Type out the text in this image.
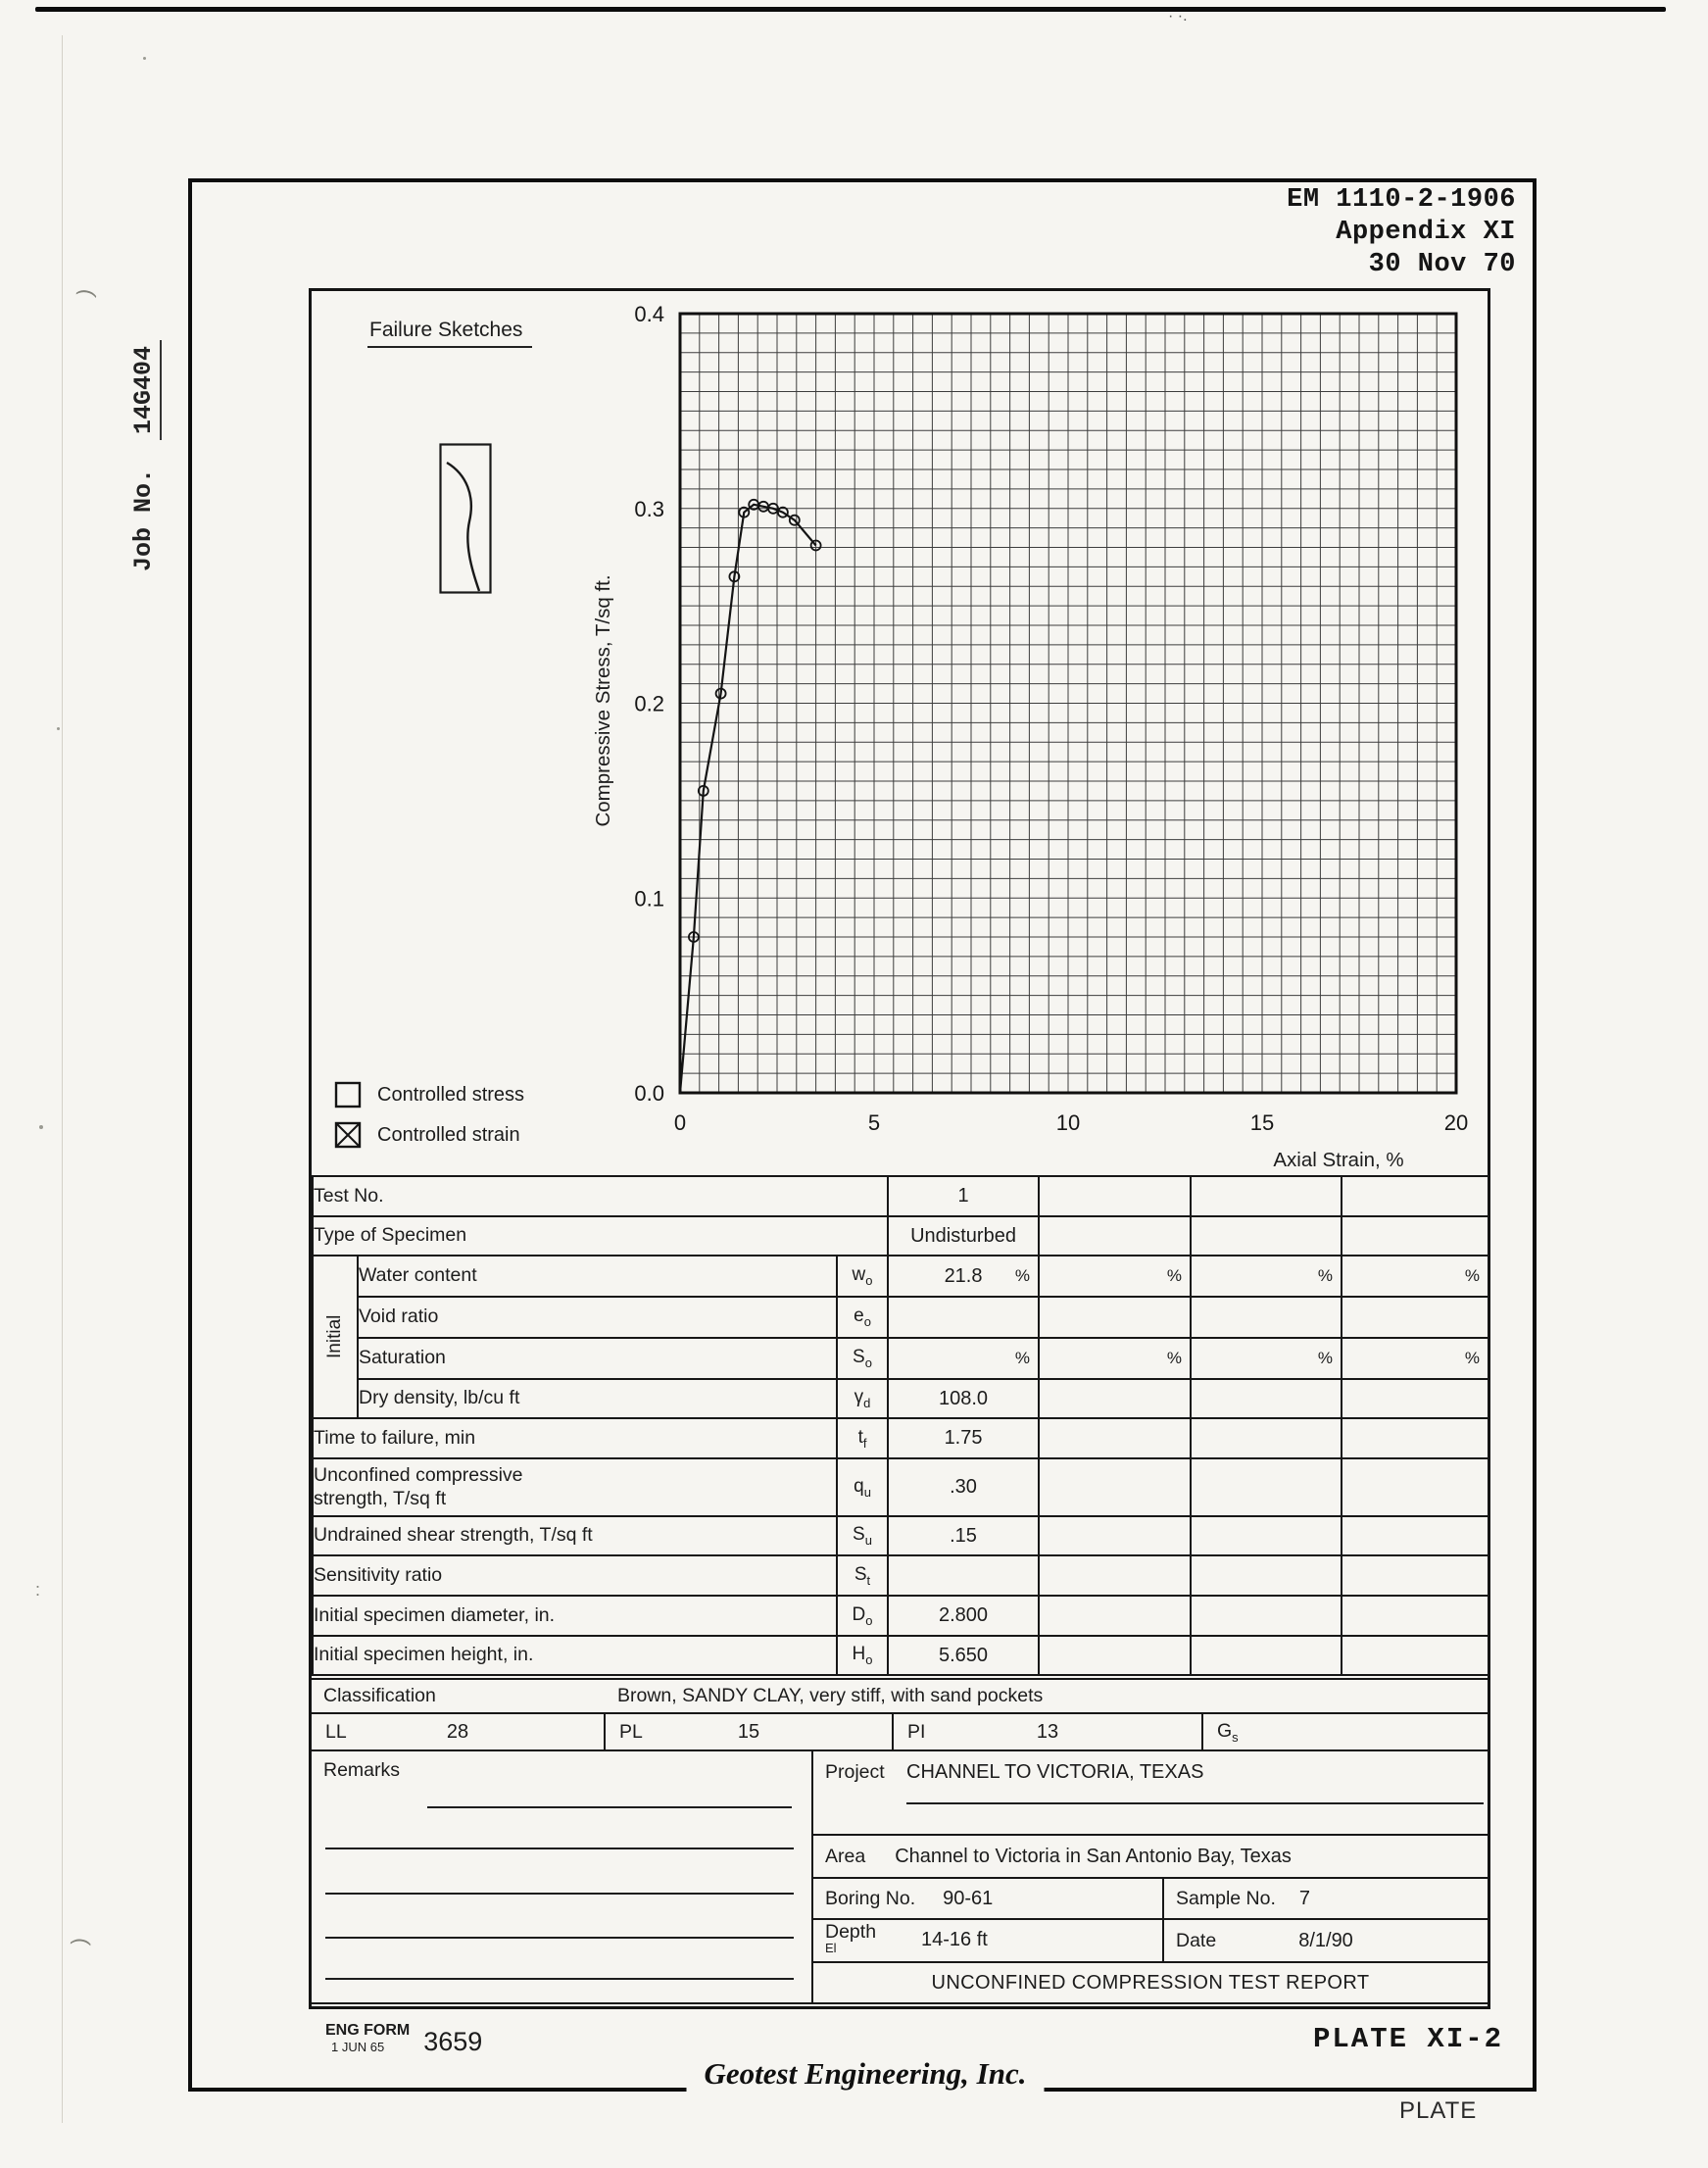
:
(
(
· ·.
EM 1110-2-1906
Appendix XI
30 Nov 70
Job No. 14G404
Failure Sketches
0.0
0.1
0.2
0.3
0.4
0	5	10	15	20
Axial Strain, %
Compressive Stress, T/sq ft.
Controlled stress
Controlled strain
Test No.			1			
Type of Specimen			Undisturbed			

Initial	Water content	$w_o$	21.8 %	%	%	%

	Void ratio	$e_o$				
	Saturation	$S_o$	%	%	%	%

	Dry density, lb/cu ft	$\gamma_d$	108.0			
Time to failure, min		$t_f$	1.75			

Unconfined compressive
strength, T/sq ft		$q_u$	.30			
Undrained shear strength, T/sq ft		$S_u$	.15			
Sensitivity ratio		$S_t$				
Initial specimen diameter, in.		$D_o$	2.800			
Initial specimen height, in.		$H_o$	5.650			
Classification	Brown, SANDY CLAY, very stiff, with sand pockets
LL	28	PL	15	PI	13	$G_s$
Remarks	Project CHANNEL TO VICTORIA, TEXAS
Area Channel to Victoria in San Antonio Bay, Texas
Boring No. 90-61	Sample No. 7
Depth
El	14-16 ft	Date	8/1/90
UNCONFINED COMPRESSION TEST REPORT
ENG FORM
1 JUN 65	3659	PLATE XI-2
Geotest Engineering, Inc.
PLATE
